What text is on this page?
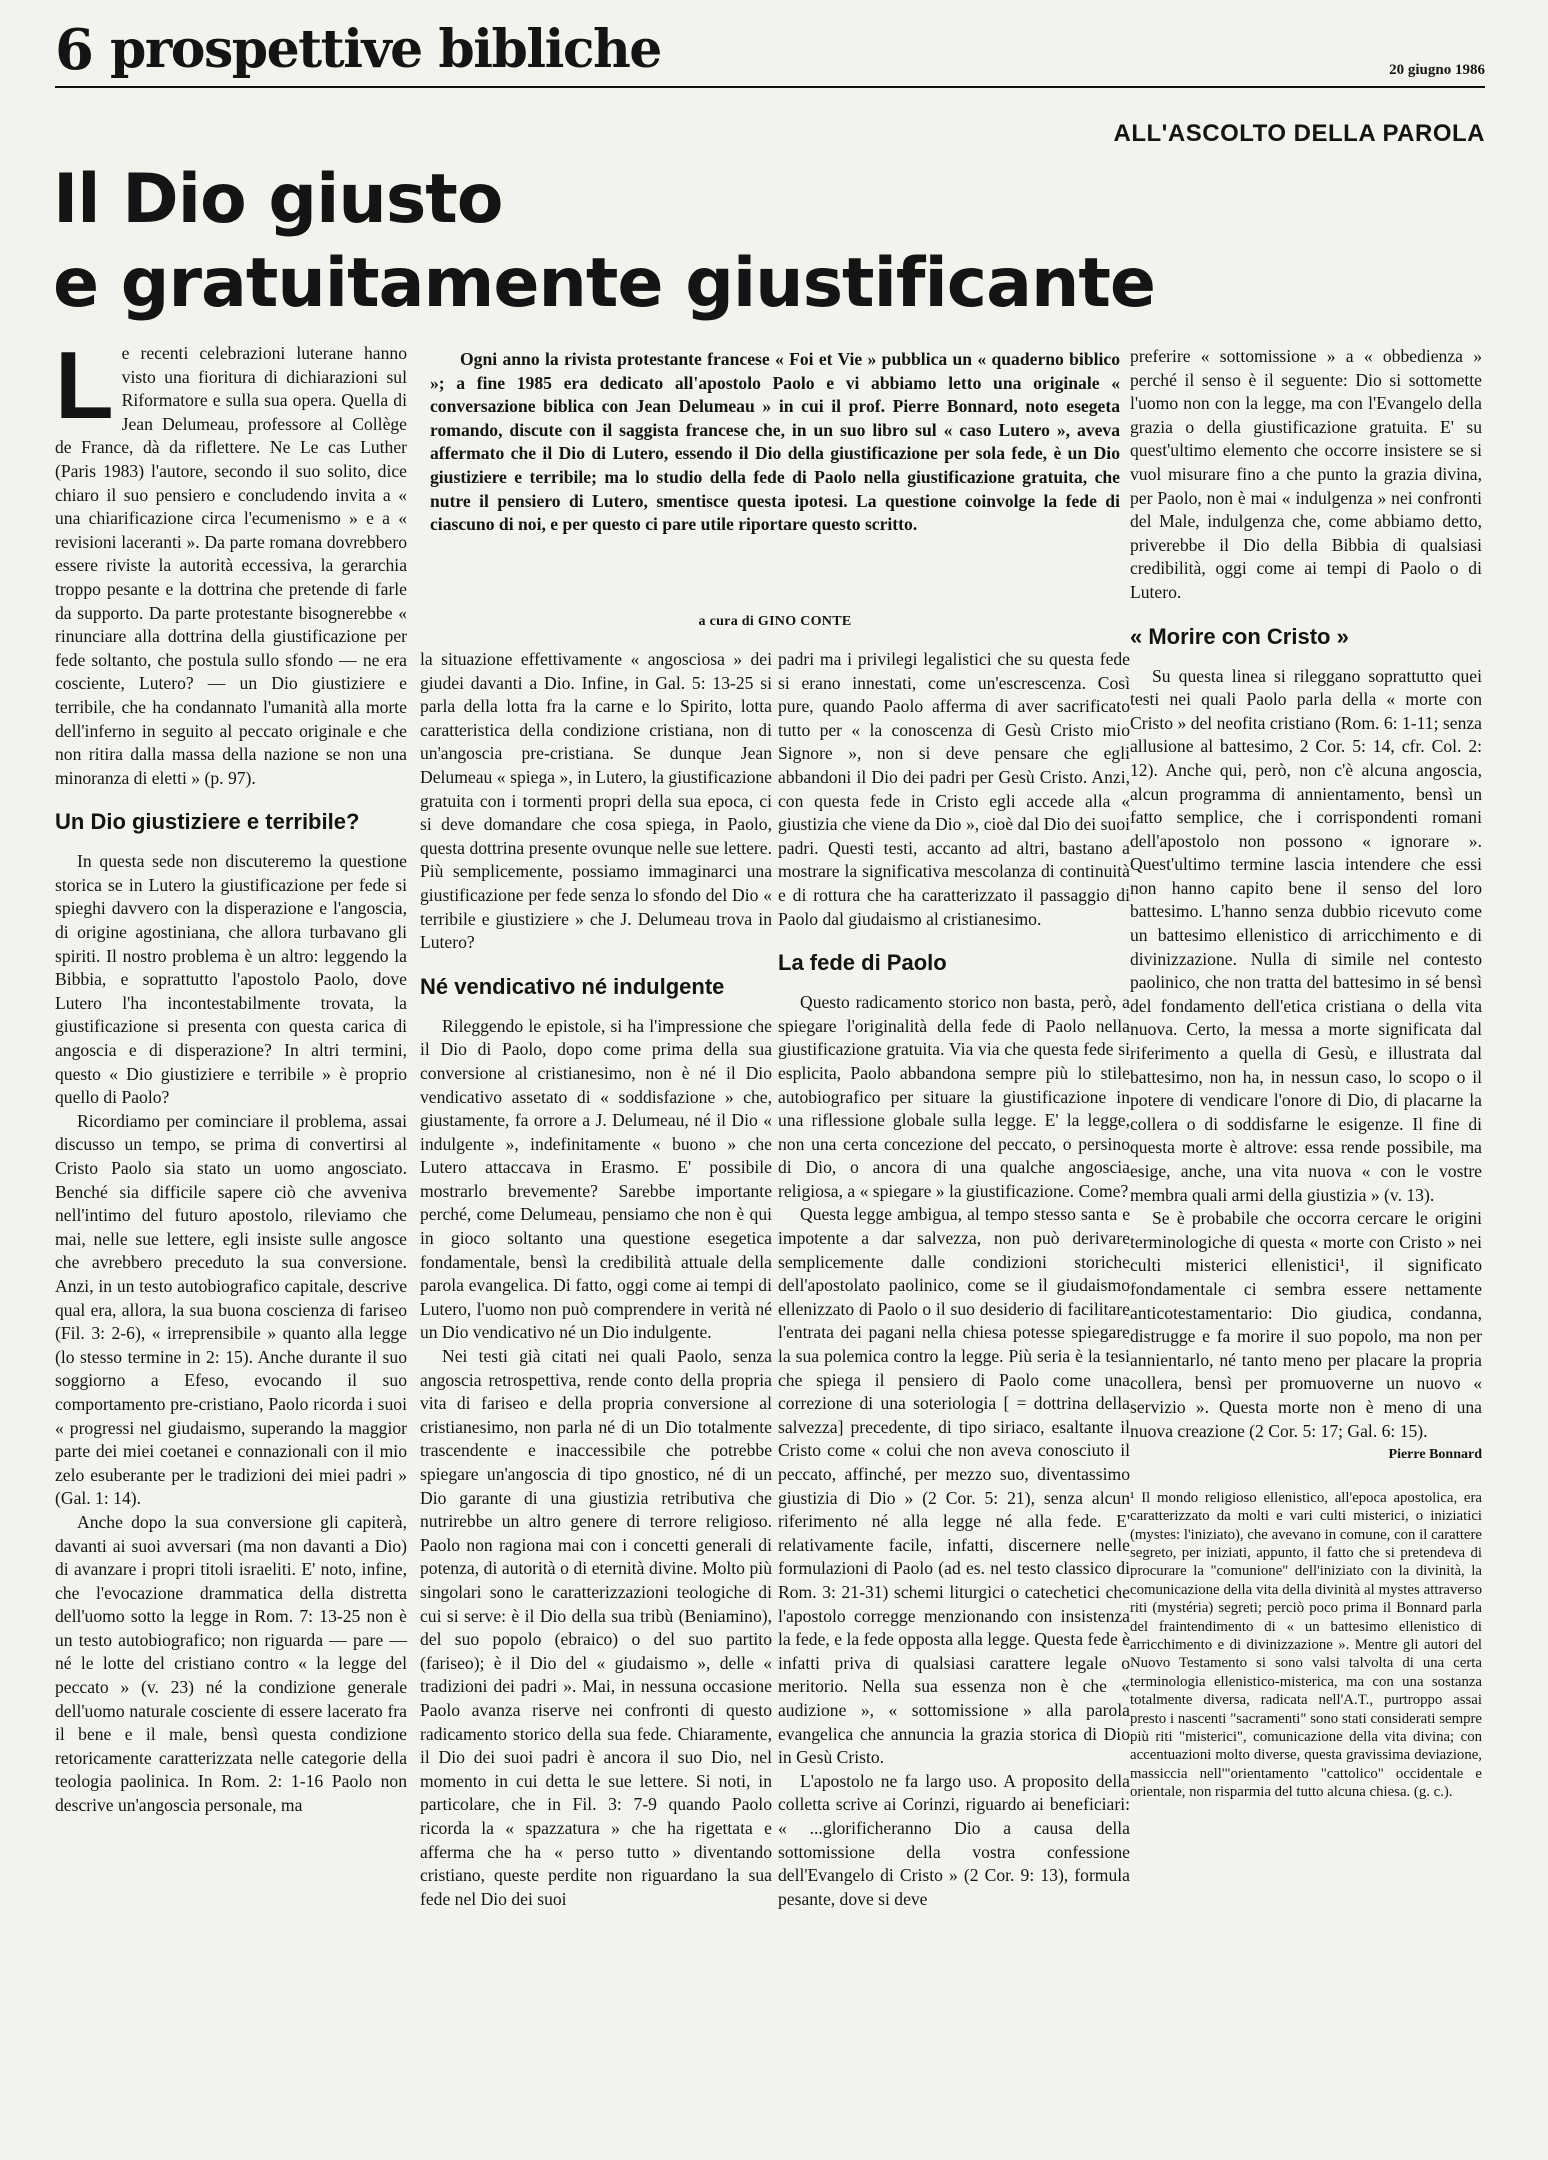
6 prospettive bibliche	20 giugno 1986
ALL'ASCOLTO DELLA PAROLA
Il Dio giusto
e gratuitamente giustificante

Ogni anno la rivista protestante francese « Foi et Vie » pubblica un « quaderno biblico »; a fine 1985 era dedicato all'apostolo Paolo e vi abbiamo letto una originale « conversazione biblica con Jean Delumeau » in cui il prof. Pierre Bonnard, noto esegeta romando, discute con il saggista francese che, in un suo libro sul « caso Lutero », aveva affermato che il Dio di Lutero, essendo il Dio della giustificazione per sola fede, è un Dio giustiziere e terribile; ma lo studio della fede di Paolo nella giustificazione gratuita, che nutre il pensiero di Lutero, smentisce questa ipotesi. La questione coinvolge la fede di ciascuno di noi, e per questo ci pare utile riportare questo scritto.

a cura di GINO CONTE

Le recenti celebrazioni luterane hanno visto una fioritura di dichiarazioni sul Riformatore e sulla sua opera. Quella di Jean Delumeau, professore al Collège de France, dà da riflettere. Ne Le cas Luther (Paris 1983) l'autore, secondo il suo solito, dice chiaro il suo pensiero e concludendo invita a « una chiarificazione circa l'ecumenismo » e a « revisioni laceranti ». Da parte romana dovrebbero essere riviste la autorità eccessiva, la gerarchia troppo pesante e la dottrina che pretende di farle da supporto. Da parte protestante bisognerebbe « rinunciare alla dottrina della giustificazione per fede soltanto, che postula sullo sfondo — ne era cosciente, Lutero? — un Dio giustiziere e terribile, che ha condannato l'umanità alla morte dell'inferno in seguito al peccato originale e che non ritira dalla massa della nazione se non una minoranza di eletti » (p. 97).

Un Dio giustiziere e terribile?

In questa sede non discuteremo la questione storica se in Lutero la giustificazione per fede si spieghi davvero con la disperazione e l'angoscia, di origine agostiniana, che allora turbavano gli spiriti. Il nostro problema è un altro: leggendo la Bibbia, e soprattutto l'apostolo Paolo, dove Lutero l'ha incontestabilmente trovata, la giustificazione si presenta con questa carica di angoscia e di disperazione? In altri termini, questo « Dio giustiziere e terribile » è proprio quello di Paolo?

Ricordiamo per cominciare il problema, assai discusso un tempo, se prima di convertirsi al Cristo Paolo sia stato un uomo angosciato. Benché sia difficile sapere ciò che avveniva nell'intimo del futuro apostolo, rileviamo che mai, nelle sue lettere, egli insiste sulle angosce che avrebbero preceduto la sua conversione. Anzi, in un testo autobiografico capitale, descrive qual era, allora, la sua buona coscienza di fariseo (Fil. 3: 2-6), « irreprensibile » quanto alla legge (lo stesso termine in 2: 15). Anche durante il suo soggiorno a Efeso, evocando il suo comportamento pre-cristiano, Paolo ricorda i suoi « progressi nel giudaismo, superando la maggior parte dei miei coetanei e connazionali con il mio zelo esuberante per le tradizioni dei miei padri » (Gal. 1: 14).

Anche dopo la sua conversione gli capiterà, davanti ai suoi avversari (ma non davanti a Dio) di avanzare i propri titoli israeliti. E' noto, infine, che l'evocazione drammatica della distretta dell'uomo sotto la legge in Rom. 7: 13-25 non è un testo autobiografico; non riguarda — pare — né le lotte del cristiano contro « la legge del peccato » (v. 23) né la condizione generale dell'uomo naturale cosciente di essere lacerato fra il bene e il male, bensì questa condizione retoricamente caratterizzata nelle categorie della teologia paolinica. In Rom. 2: 1-16 Paolo non descrive un'angoscia personale, ma

la situazione effettivamente « angosciosa » dei giudei davanti a Dio. Infine, in Gal. 5: 13-25 si parla della lotta fra la carne e lo Spirito, lotta caratteristica della condizione cristiana, non di un'angoscia pre-cristiana. Se dunque Jean Delumeau « spiega », in Lutero, la giustificazione gratuita con i tormenti propri della sua epoca, ci si deve domandare che cosa spiega, in Paolo, questa dottrina presente ovunque nelle sue lettere. Più semplicemente, possiamo immaginarci una giustificazione per fede senza lo sfondo del Dio « terribile e giustiziere » che J. Delumeau trova in Lutero?

Né vendicativo né indulgente

Rileggendo le epistole, si ha l'impressione che il Dio di Paolo, dopo come prima della sua conversione al cristianesimo, non è né il Dio vendicativo assetato di « soddisfazione » che, giustamente, fa orrore a J. Delumeau, né il Dio « indulgente », indefinitamente « buono » che Lutero attaccava in Erasmo. E' possibile mostrarlo brevemente? Sarebbe importante perché, come Delumeau, pensiamo che non è qui in gioco soltanto una questione esegetica fondamentale, bensì la credibilità attuale della parola evangelica. Di fatto, oggi come ai tempi di Lutero, l'uomo non può comprendere in verità né un Dio vendicativo né un Dio indulgente.

Nei testi già citati nei quali Paolo, senza angoscia retrospettiva, rende conto della propria vita di fariseo e della propria conversione al cristianesimo, non parla né di un Dio totalmente trascendente e inaccessibile che potrebbe spiegare un'angoscia di tipo gnostico, né di un Dio garante di una giustizia retributiva che nutrirebbe un altro genere di terrore religioso. Paolo non ragiona mai con i concetti generali di potenza, di autorità o di eternità divine. Molto più singolari sono le caratterizzazioni teologiche di cui si serve: è il Dio della sua tribù (Beniamino), del suo popolo (ebraico) o del suo partito (fariseo); è il Dio del « giudaismo », delle « tradizioni dei padri ». Mai, in nessuna occasione Paolo avanza riserve nei confronti di questo radicamento storico della sua fede. Chiaramente, il Dio dei suoi padri è ancora il suo Dio, nel momento in cui detta le sue lettere. Si noti, in particolare, che in Fil. 3: 7-9 quando Paolo ricorda la « spazzatura » che ha rigettata e afferma che ha « perso tutto » diventando cristiano, queste perdite non riguardano la sua fede nel Dio dei suoi

padri ma i privilegi legalistici che su questa fede si erano innestati, come un'escrescenza. Così pure, quando Paolo afferma di aver sacrificato tutto per « la conoscenza di Gesù Cristo mio Signore », non si deve pensare che egli abbandoni il Dio dei padri per Gesù Cristo. Anzi, con questa fede in Cristo egli accede alla « giustizia che viene da Dio », cioè dal Dio dei suoi padri. Questi testi, accanto ad altri, bastano a mostrare la significativa mescolanza di continuità e di rottura che ha caratterizzato il passaggio di Paolo dal giudaismo al cristianesimo.

La fede di Paolo

Questo radicamento storico non basta, però, a spiegare l'originalità della fede di Paolo nella giustificazione gratuita. Via via che questa fede si esplicita, Paolo abbandona sempre più lo stile autobiografico per situare la giustificazione in una riflessione globale sulla legge. E' la legge, non una certa concezione del peccato, o persino di Dio, o ancora di una qualche angoscia religiosa, a « spiegare » la giustificazione. Come?

Questa legge ambigua, al tempo stesso santa e impotente a dar salvezza, non può derivare semplicemente dalle condizioni storiche dell'apostolato paolinico, come se il giudaismo ellenizzato di Paolo o il suo desiderio di facilitare l'entrata dei pagani nella chiesa potesse spiegare la sua polemica contro la legge. Più seria è la tesi che spiega il pensiero di Paolo come una correzione di una soteriologia [ = dottrina della salvezza] precedente, di tipo siriaco, esaltante il Cristo come « colui che non aveva conosciuto il peccato, affinché, per mezzo suo, diventassimo giustizia di Dio » (2 Cor. 5: 21), senza alcun riferimento né alla legge né alla fede. E' relativamente facile, infatti, discernere nelle formulazioni di Paolo (ad es. nel testo classico di Rom. 3: 21-31) schemi liturgici o catechetici che l'apostolo corregge menzionando con insistenza la fede, e la fede opposta alla legge. Questa fede è infatti priva di qualsiasi carattere legale o meritorio. Nella sua essenza non è che « audizione », « sottomissione » alla parola evangelica che annuncia la grazia storica di Dio in Gesù Cristo.

L'apostolo ne fa largo uso. A proposito della colletta scrive ai Corinzi, riguardo ai beneficiari: « ...glorificheranno Dio a causa della sottomissione della vostra confessione dell'Evangelo di Cristo » (2 Cor. 9: 13), formula pesante, dove si deve

preferire « sottomissione » a « obbedienza » perché il senso è il seguente: Dio si sottomette l'uomo non con la legge, ma con l'Evangelo della grazia o della giustificazione gratuita. E' su quest'ultimo elemento che occorre insistere se si vuol misurare fino a che punto la grazia divina, per Paolo, non è mai « indulgenza » nei confronti del Male, indulgenza che, come abbiamo detto, priverebbe il Dio della Bibbia di qualsiasi credibilità, oggi come ai tempi di Paolo o di Lutero.

« Morire con Cristo »

Su questa linea si rileggano soprattutto quei testi nei quali Paolo parla della « morte con Cristo » del neofita cristiano (Rom. 6: 1-11; senza allusione al battesimo, 2 Cor. 5: 14, cfr. Col. 2: 12). Anche qui, però, non c'è alcuna angoscia, alcun programma di annientamento, bensì un fatto semplice, che i corrispondenti romani dell'apostolo non possono « ignorare ». Quest'ultimo termine lascia intendere che essi non hanno capito bene il senso del loro battesimo. L'hanno senza dubbio ricevuto come un battesimo ellenistico di arricchimento e di divinizzazione. Nulla di simile nel contesto paolinico, che non tratta del battesimo in sé bensì del fondamento dell'etica cristiana o della vita nuova. Certo, la messa a morte significata dal riferimento a quella di Gesù, e illustrata dal battesimo, non ha, in nessun caso, lo scopo o il potere di vendicare l'onore di Dio, di placarne la collera o di soddisfarne le esigenze. Il fine di questa morte è altrove: essa rende possibile, ma esige, anche, una vita nuova « con le vostre membra quali armi della giustizia » (v. 13).

Se è probabile che occorra cercare le origini terminologiche di questa « morte con Cristo » nei culti misterici ellenistici¹, il significato fondamentale ci sembra essere nettamente anticotestamentario: Dio giudica, condanna, distrugge e fa morire il suo popolo, ma non per annientarlo, né tanto meno per placare la propria collera, bensì per promuoverne un nuovo « servizio ». Questa morte non è meno di una nuova creazione (2 Cor. 5: 17; Gal. 6: 15).

Pierre Bonnard

¹ Il mondo religioso ellenistico, all'epoca apostolica, era caratterizzato da molti e vari culti misterici, o iniziatici (mystes: l'iniziato), che avevano in comune, con il carattere segreto, per iniziati, appunto, il fatto che si pretendeva di procurare la "comunione" dell'iniziato con la divinità, la comunicazione della vita della divinità al mystes attraverso riti (mystéria) segreti; perciò poco prima il Bonnard parla del fraintendimento di « un battesimo ellenistico di arricchimento e di divinizzazione ». Mentre gli autori del Nuovo Testamento si sono valsi talvolta di una certa terminologia ellenistico-misterica, ma con una sostanza totalmente diversa, radicata nell'A.T., purtroppo assai presto i nascenti "sacramenti" sono stati considerati sempre più riti "misterici", comunicazione della vita divina; con accentuazioni molto diverse, questa gravissima deviazione, massiccia nell'"orientamento "cattolico" occidentale e orientale, non risparmia del tutto alcuna chiesa. (g. c.).
